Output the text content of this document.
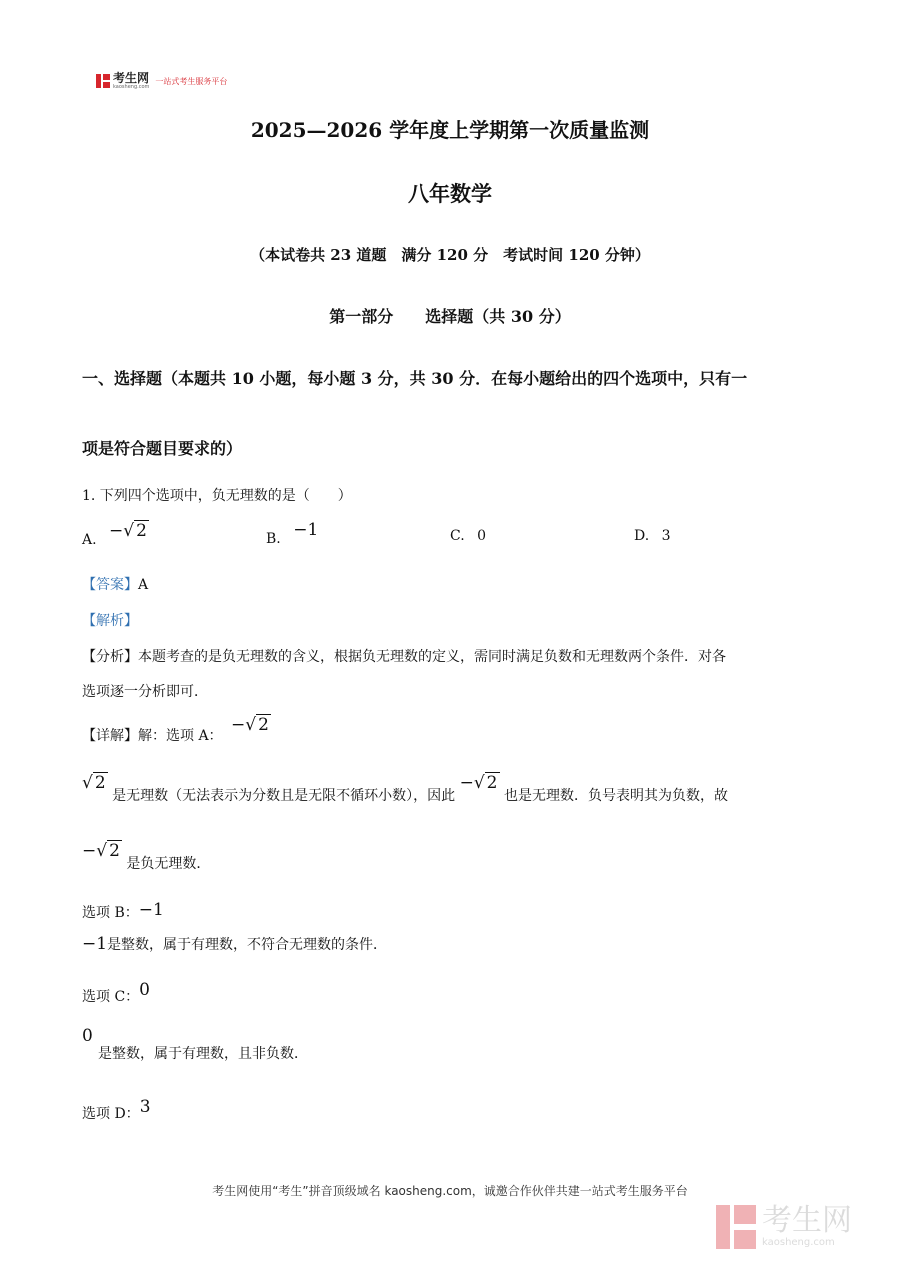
考生网
kaosheng.com
一站式考生服务平台
2025—2026 学年度上学期第一次质量监测
八年数学
（本试卷共 23 道题　满分 120 分　考试时间 120 分钟）
第一部分　　选择题（共 30 分）
一、选择题（本题共 10 小题，每小题 3 分，共 30 分．在每小题给出的四个选项中，只有一
项是符合题目要求的）
1. 下列四个选项中，负无理数的是（　　）
A. −√ 2	B. −1	C. 0	D. 3
【答案】A
【解析】
【分析】本题考查的是负无理数的含义，根据负无理数的定义，需同时满足负数和无理数两个条件．对各
选项逐一分析即可．
【详解】解：选项 A： −√ 2
√ 2 是无理数（无法表示为分数且是无限不循环小数），因此 −√ 2 也是无理数．负号表明其为负数，故
−√ 2 是负无理数．
选项 B：−1
−1是整数，属于有理数，不符合无理数的条件．
选项 C：0
0
是整数，属于有理数，且非负数．
选项 D：3
考生网使用“考生”拼音顶级域名 kaosheng.com，诚邀合作伙伴共建一站式考生服务平台
考生网
kaosheng.com
